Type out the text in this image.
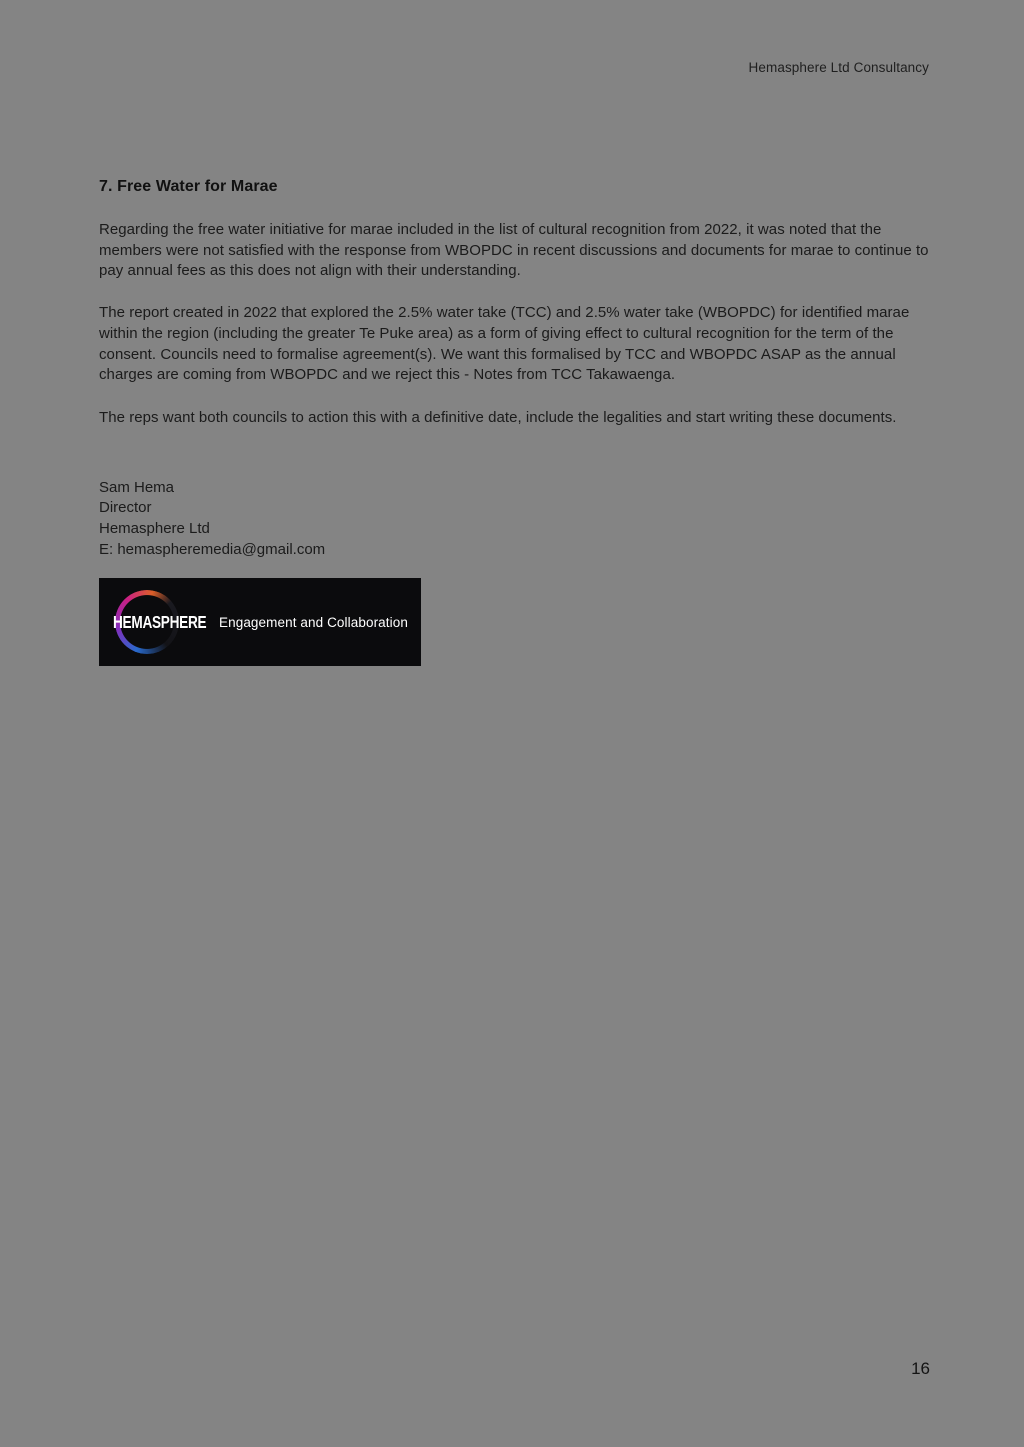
Hemasphere Ltd Consultancy
7. Free Water for Marae

Regarding the free water initiative for marae included in the list of cultural recognition from 2022, it was noted that the members were not satisfied with the response from WBOPDC in recent discussions and documents for marae to continue to pay annual fees as this does not align with their understanding.

The report created in 2022 that explored the 2.5% water take (TCC) and 2.5% water take (WBOPDC) for identified marae within the region (including the greater Te Puke area) as a form of giving effect to cultural recognition for the term of the consent. Councils need to formalise agreement(s). We want this formalised by TCC and WBOPDC ASAP as the annual charges are coming from WBOPDC and we reject this - Notes from TCC Takawaenga.

The reps want both councils to action this with a definitive date, include the legalities and start writing these documents.

Sam Hema
Director
Hemasphere Ltd
E: hemaspheremedia@gmail.com
HEMASPHERE Engagement and Collaboration
16
